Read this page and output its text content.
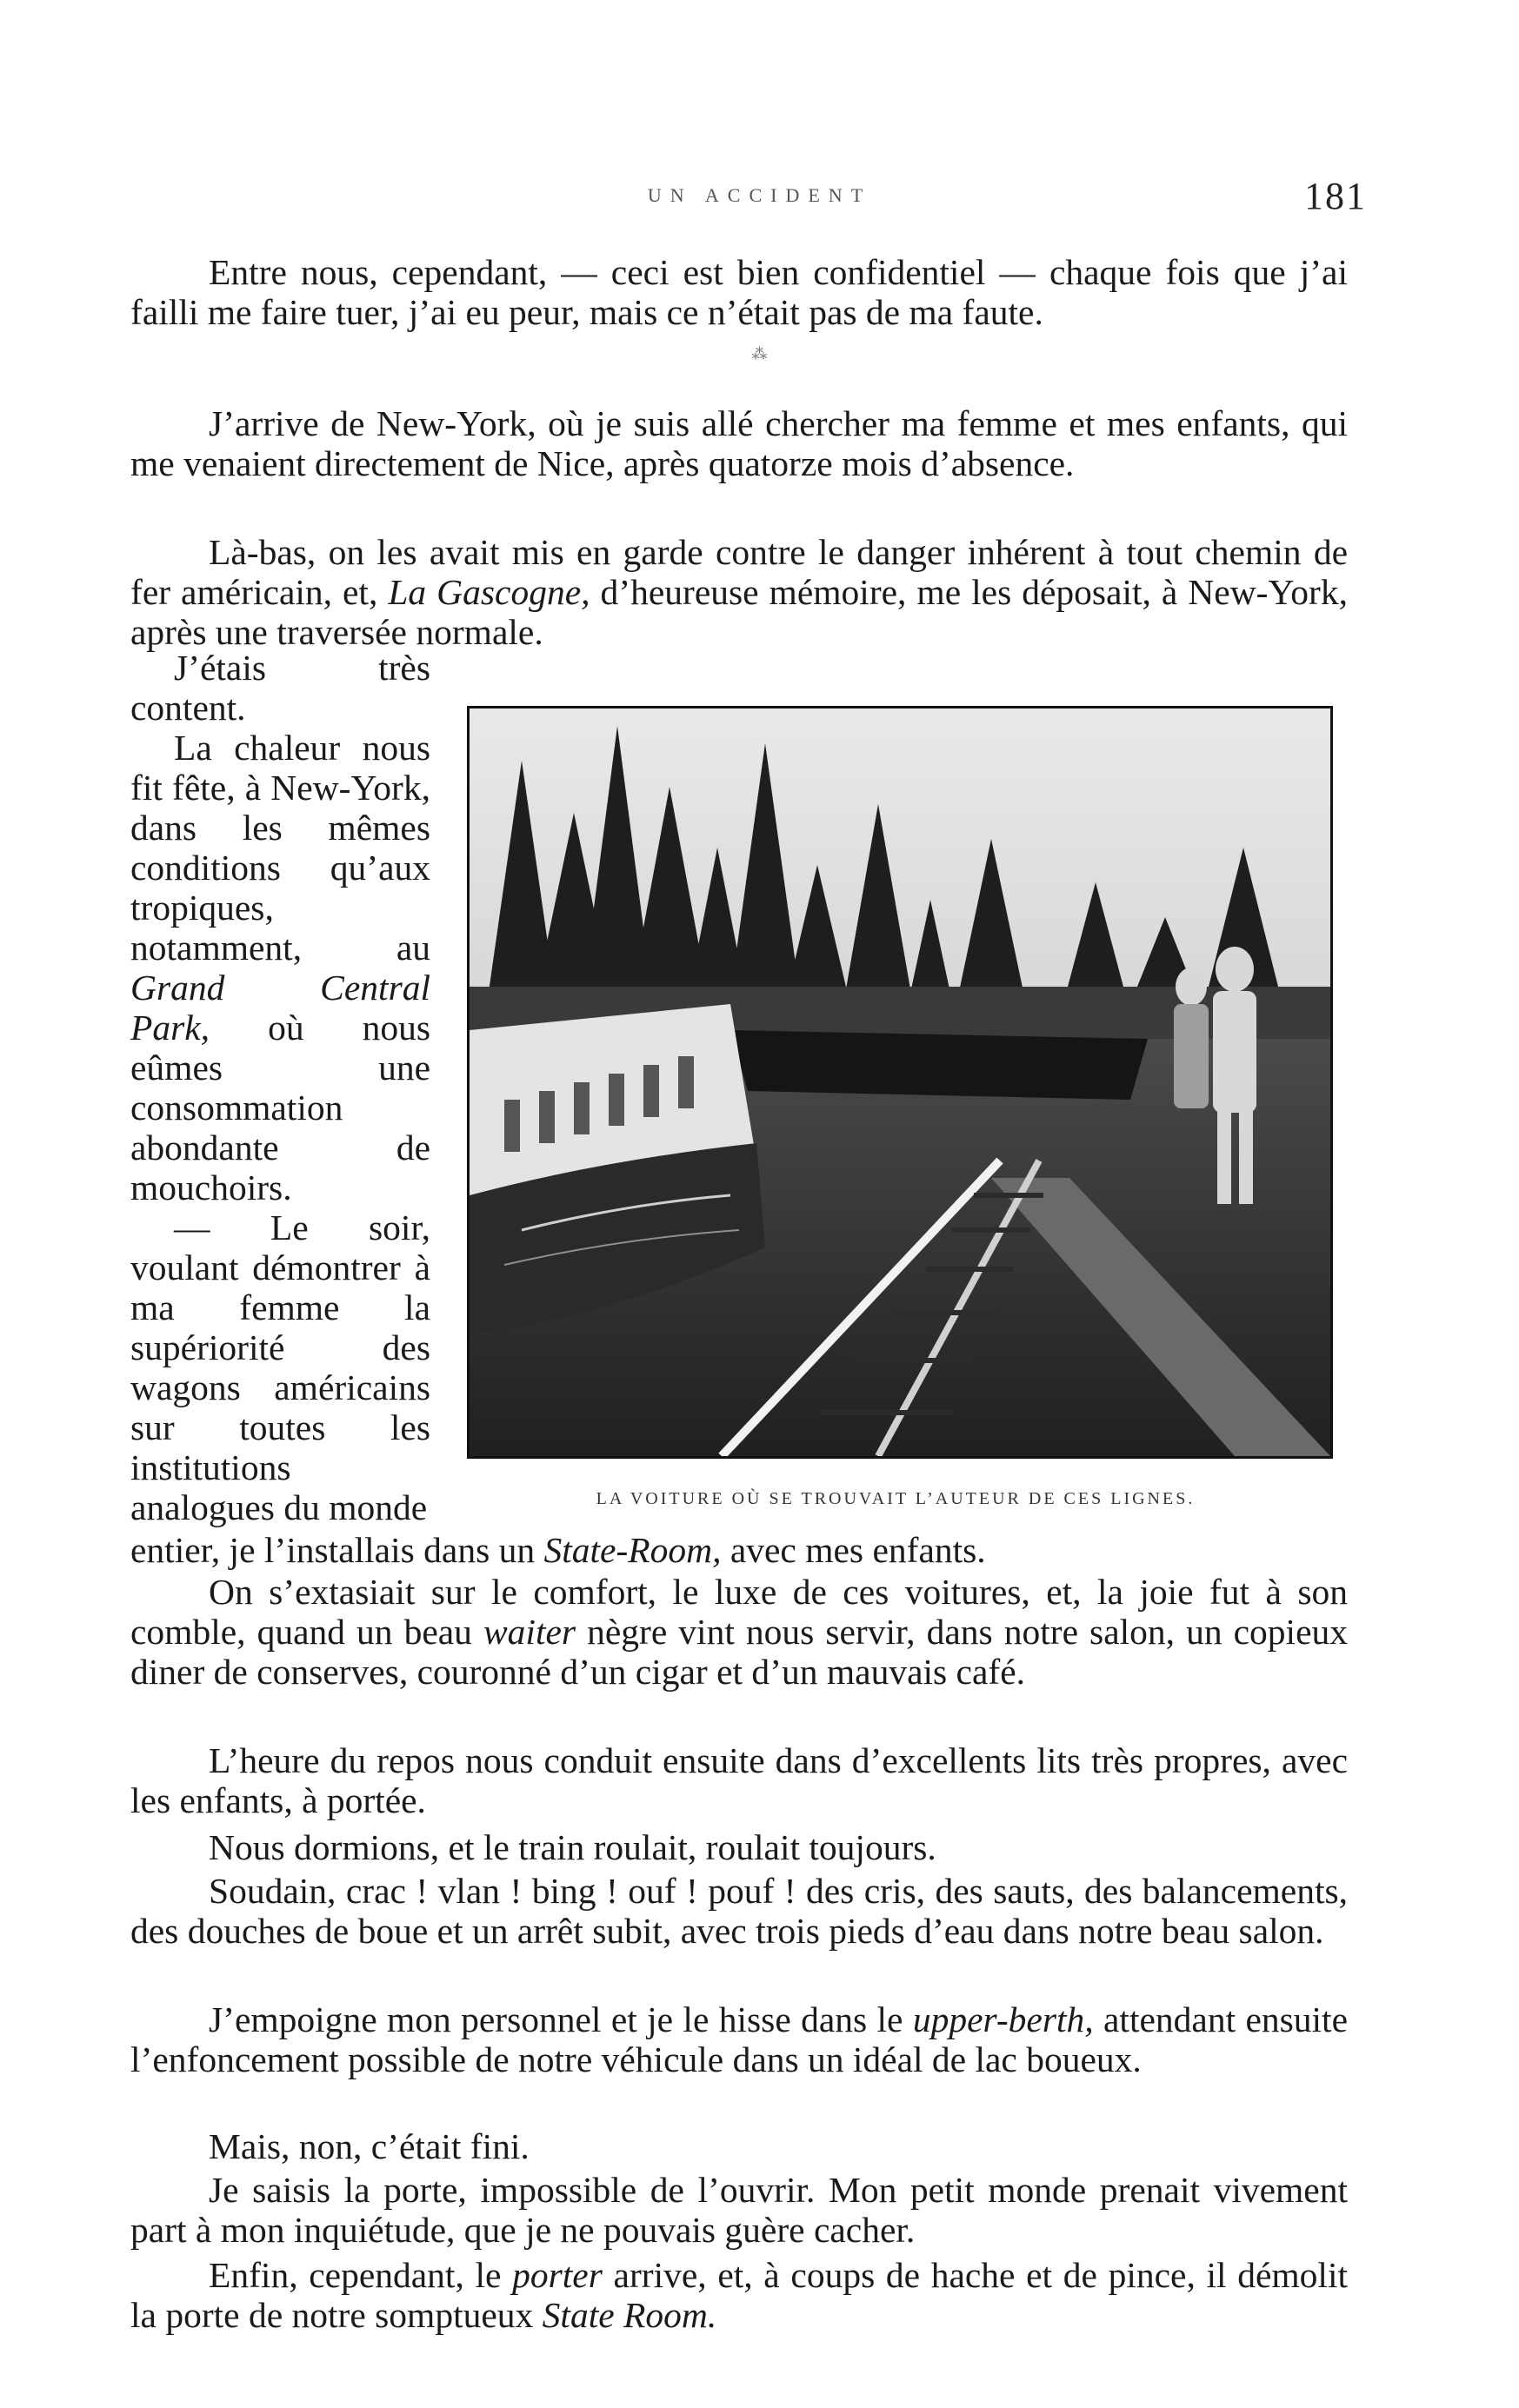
UN ACCIDENT	181

Entre nous, cependant, — ceci est bien confidentiel — chaque fois que j’ai failli me faire tuer, j’ai eu peur, mais ce n’était pas de ma faute.

⁂

J’arrive de New-York, où je suis allé chercher ma femme et mes enfants, qui me venaient directement de Nice, après quatorze mois d’absence.

Là-bas, on les avait mis en garde contre le danger inhérent à tout chemin de fer américain, et, La Gascogne, d’heureuse mémoire, me les déposait, à New-York, après une traversée normale.

J’étais très content.

La chaleur nous fit fête, à New-York, dans les mêmes conditions qu’aux tropiques, notamment, au Grand Central Park, où nous eûmes une consommation abondante de mouchoirs.

— Le soir, voulant démontrer à ma femme la supériorité des wagons américains sur toutes les institutions analogues du monde	LA VOITURE OÙ SE TROUVAIT L’AUTEUR DE CES LIGNES.

entier, je l’installais dans un State-Room, avec mes enfants.

On s’extasiait sur le comfort, le luxe de ces voitures, et, la joie fut à son comble, quand un beau waiter nègre vint nous servir, dans notre salon, un copieux diner de conserves, couronné d’un cigar et d’un mauvais café.

L’heure du repos nous conduit ensuite dans d’excellents lits très propres, avec les enfants, à portée.

Nous dormions, et le train roulait, roulait toujours.

Soudain, crac ! vlan ! bing ! ouf ! pouf ! des cris, des sauts, des balancements, des douches de boue et un arrêt subit, avec trois pieds d’eau dans notre beau salon.

J’empoigne mon personnel et je le hisse dans le upper-berth, attendant ensuite l’enfoncement possible de notre véhicule dans un idéal de lac boueux.

Mais, non, c’était fini.

Je saisis la porte, impossible de l’ouvrir. Mon petit monde prenait vivement part à mon inquiétude, que je ne pouvais guère cacher.

Enfin, cependant, le porter arrive, et, à coups de hache et de pince, il démolit la porte de notre somptueux State Room.
